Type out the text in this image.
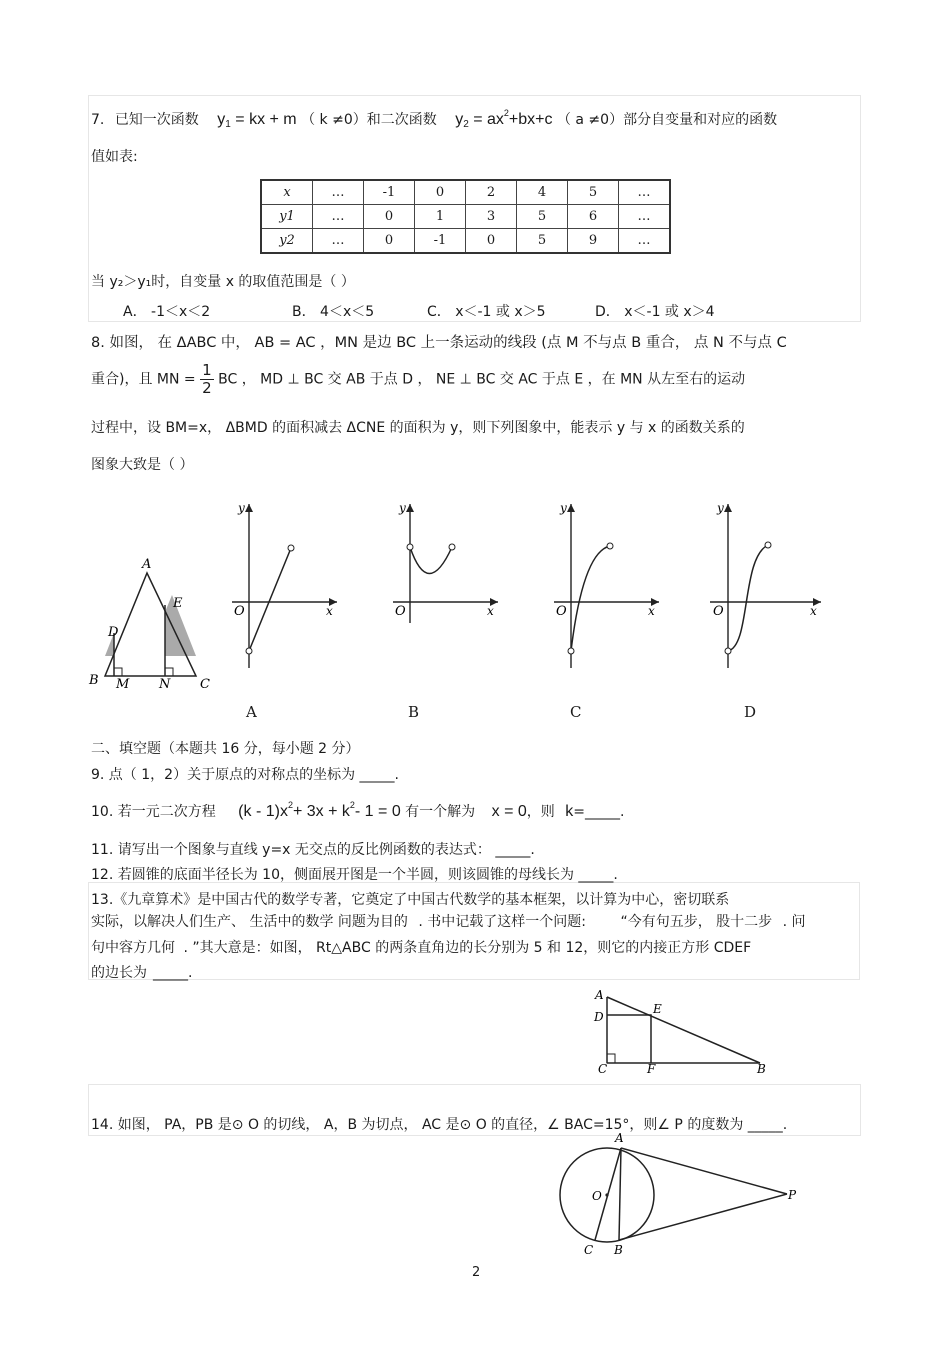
7. 已知一次函数 $y_1$ = kx + m （ k ≠0）和二次函数 $y_2 = ax^2+bx+c$ （ a ≠0）部分自变量和对应的函数
值如表:
x	…	-1	0	2	4	5	…
y1	…	0	1	3	5	6	…
y2	…	0	-1	0	5	9	…
当 y₂＞y₁时，自变量 x 的取值范围是（ ）
A． -1＜x＜2	B． 4＜x＜5	C． x＜-1 或 x＞5	D． x＜-1 或 x＞4
8. 如图， 在 ΔABC 中， AB = AC ，MN 是边 BC 上一条运动的线段 (点 M 不与点 B 重合， 点 N 不与点 C
重合)，且 MN = $\frac{1}{2}$ BC ， MD ⊥ BC 交 AB 于点 D ， NE ⊥ BC 交 AC 于点 E ，在 MN 从左至右的运动
过程中，设 BM=x， ΔBMD 的面积减去 ΔCNE 的面积为 y，则下列图象中，能表示 y 与 x 的函数关系的
图象大致是（ ）
A
E
D
B M N C
y
O	x
A
y
O	x
B
y
O	x
C
y
O	x
D
二、填空题（本题共 16 分，每小题 2 分）
9. 点（ 1，2）关于原点的对称点的坐标为 _____.
10. 若一元二次方程 $(k - 1)x^2+ 3x + k^2-$ 1 = 0 有一个解为 x = 0，则 k=_____.
11. 请写出一个图象与直线 y=x 无交点的反比例函数的表达式： _____.
12. 若圆锥的底面半径长为 10，侧面展开图是一个半圆，则该圆锥的母线长为 _____.
13.《九章算术》是中国古代的数学专著，它奠定了中国古代数学的基本框架，以计算为中心，密切联系
实际，以解决人们生产、 生活中的数学 问题为目的 . 书中记载了这样一个问题: “今有句五步， 股十二步 . 问
句中容方几何 . ”其大意是：如图， Rt△ABC 的两条直角边的长分别为 5 和 12，则它的内接正方形 CDEF
的边长为 _____.
A
D
E
C	F	B
14. 如图， PA，PB 是⊙ O 的切线， A，B 为切点， AC 是⊙ O 的直径，∠ BAC=15°，则∠ P 的度数为 _____.
A
O	P
C B
2
